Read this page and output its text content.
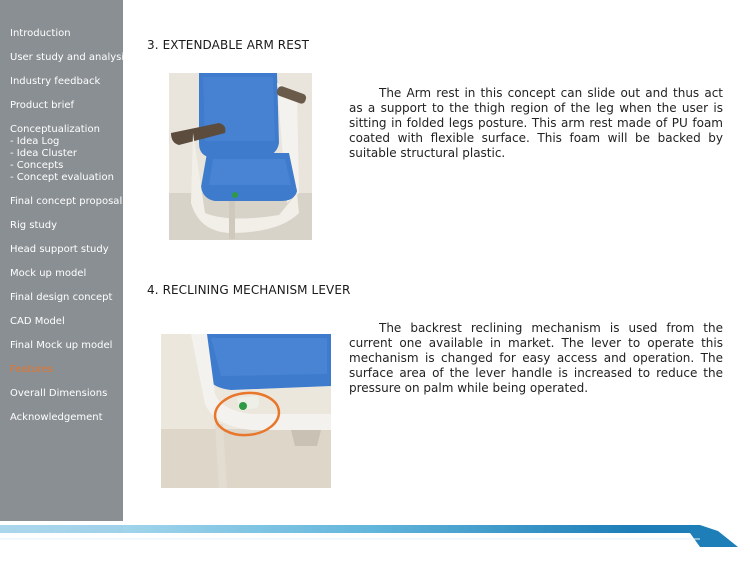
Introduction
User study and analysis
Industry feedback
Product brief
Conceptualization
- Idea Log
- Idea Cluster
- Concepts
- Concept evaluation
Final concept proposal
Rig study
Head support study
Mock up model
Final design concept
CAD Model
Final Mock up model
Features
Overall Dimensions
Acknowledgement
3. EXTENDABLE ARM REST
The Arm rest in this concept can slide out and thus act as a support to the thigh region of the leg when the user is sitting in folded legs posture. This arm rest made of PU foam coated with flexible surface. This foam will be backed by suitable structural plastic.
4. RECLINING MECHANISM LEVER
The backrest reclining mechanism is used from the current one available in market. The lever to operate this mechanism is changed for easy access and operation. The surface area of the lever handle is increased to reduce the pressure on palm while being operated.
